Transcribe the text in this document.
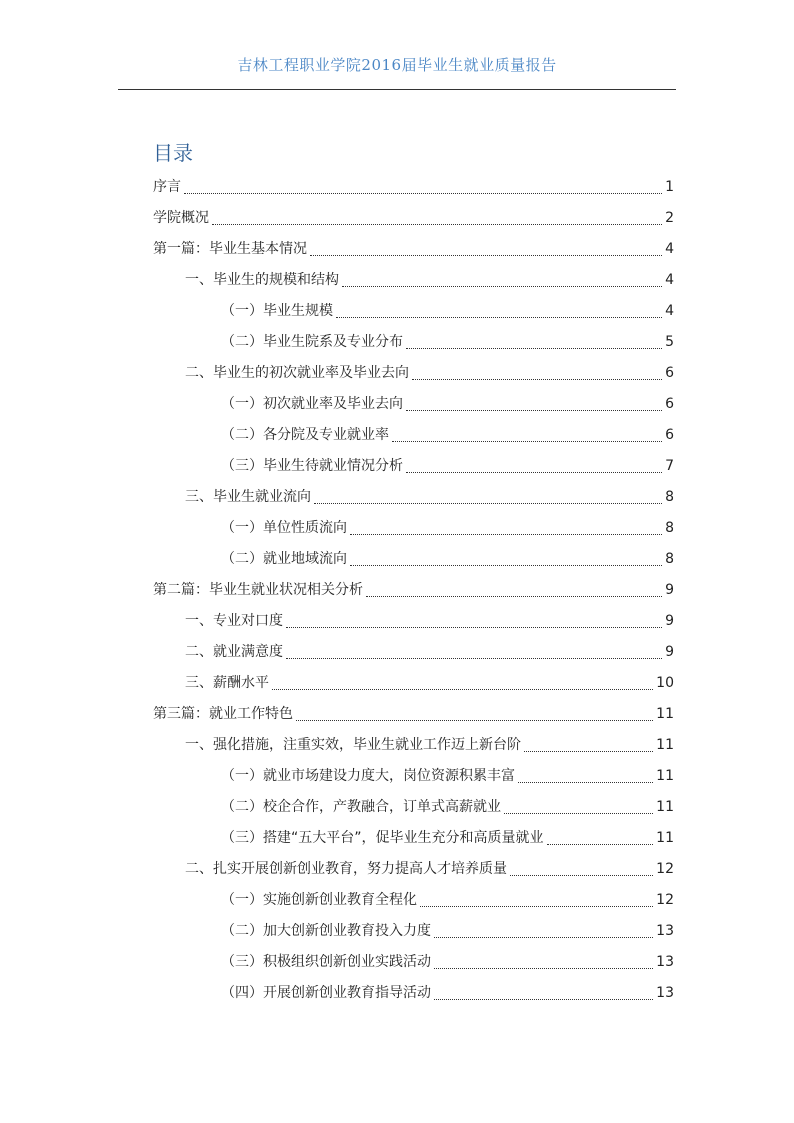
吉林工程职业学院2016届毕业生就业质量报告
目录
序言	1
学院概况	2
第一篇：毕业生基本情况	4
一、毕业生的规模和结构	4
（一）毕业生规模	4
（二）毕业生院系及专业分布	5
二、毕业生的初次就业率及毕业去向	6
（一）初次就业率及毕业去向	6
（二）各分院及专业就业率	6
（三）毕业生待就业情况分析	7
三、毕业生就业流向	8
（一）单位性质流向	8
（二）就业地域流向	8
第二篇：毕业生就业状况相关分析	9
一、专业对口度	9
二、就业满意度	9
三、薪酬水平	10
第三篇：就业工作特色	11
一、强化措施，注重实效，毕业生就业工作迈上新台阶	11
（一）就业市场建设力度大，岗位资源积累丰富	11
（二）校企合作，产教融合，订单式高薪就业	11
（三）搭建“五大平台”，促毕业生充分和高质量就业	11
二、扎实开展创新创业教育，努力提高人才培养质量	12
（一）实施创新创业教育全程化	12
（二）加大创新创业教育投入力度	13
（三）积极组织创新创业实践活动	13
（四）开展创新创业教育指导活动	13
